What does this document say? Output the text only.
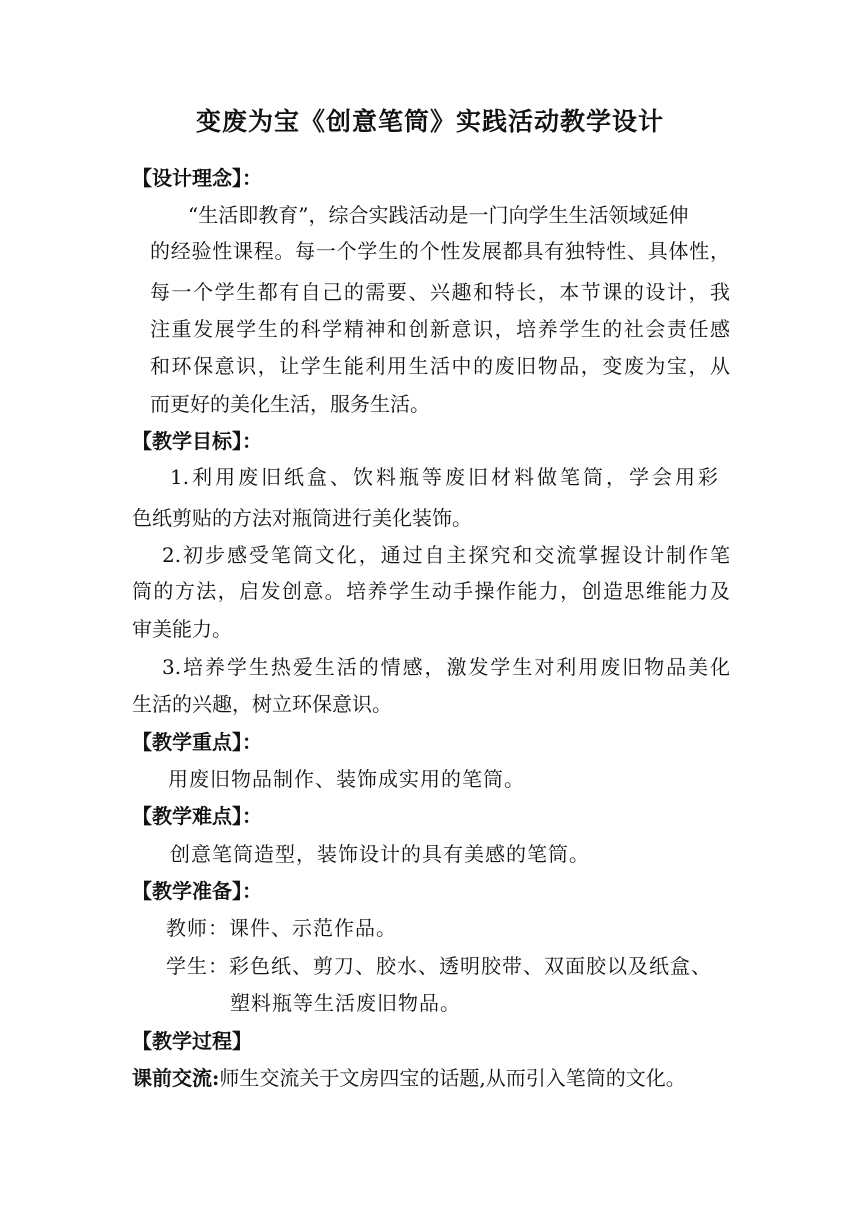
变废为宝《创意笔筒》实践活动教学设计
【设计理念】：
“生活即教育”，综合实践活动是一门向学生生活领域延伸
的经验性课程。每一个学生的个性发展都具有独特性、具体性，
每一个学生都有自己的需要、兴趣和特长，本节课的设计，我
注重发展学生的科学精神和创新意识，培养学生的社会责任感
和环保意识，让学生能利用生活中的废旧物品，变废为宝，从
而更好的美化生活，服务生活。
【教学目标】：
1.利用废旧纸盒、饮料瓶等废旧材料做笔筒，学会用彩
色纸剪贴的方法对瓶筒进行美化装饰。
2.初步感受笔筒文化，通过自主探究和交流掌握设计制作笔
筒的方法，启发创意。培养学生动手操作能力，创造思维能力及
审美能力。
3.培养学生热爱生活的情感，激发学生对利用废旧物品美化
生活的兴趣，树立环保意识。
【教学重点】：
用废旧物品制作、装饰成实用的笔筒。
【教学难点】：
创意笔筒造型，装饰设计的具有美感的笔筒。
【教学准备】：
教师：课件、示范作品。
学生：彩色纸、剪刀、胶水、透明胶带、双面胶以及纸盒、
塑料瓶等生活废旧物品。
【教学过程】
课前交流:师生交流关于文房四宝的话题,从而引入笔筒的文化。
